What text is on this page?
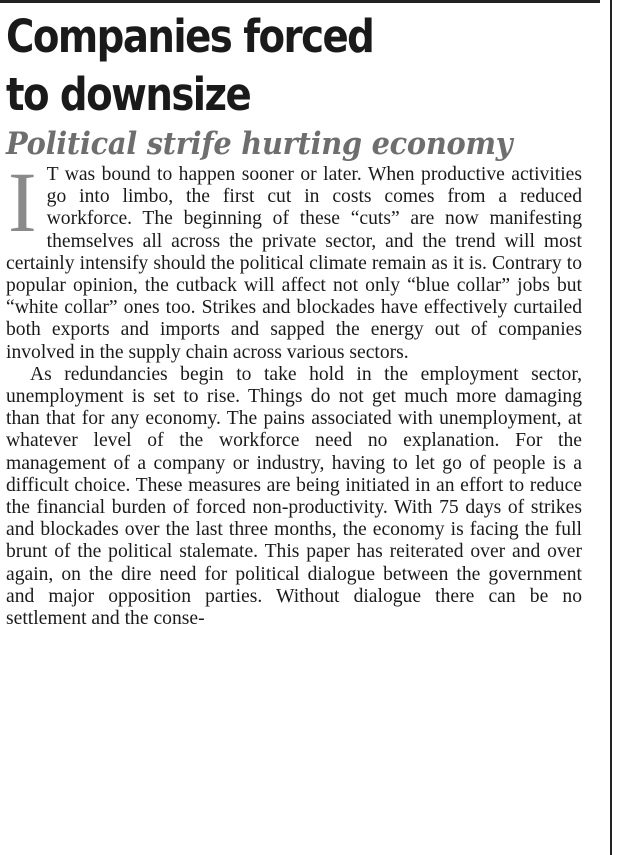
Companies forced
to downsize
Political strife hurting economy

I T was bound to happen sooner or later. When productive activities go into limbo, the first cut in costs comes from a reduced workforce. The beginning of these “cuts” are now manifesting themselves all across the private sector, and the trend will most certainly intensify should the political climate remain as it is. Contrary to popular opinion, the cutback will affect not only “blue collar” jobs but “white collar” ones too. Strikes and blockades have effectively curtailed both exports and imports and sapped the energy out of companies involved in the supply chain across various sectors.

As redundancies begin to take hold in the employment sector, unemployment is set to rise. Things do not get much more damaging than that for any economy. The pains associated with unemployment, at whatever level of the workforce need no explanation. For the management of a company or industry, having to let go of people is a difficult choice. These measures are being initiated in an effort to reduce the financial burden of forced non-productivity. With 75 days of strikes and blockades over the last three months, the economy is facing the full brunt of the political stalemate. This paper has reiterated over and over again, on the dire need for political dialogue between the government and major opposition parties. Without dialogue there can be no settlement and the conse-
